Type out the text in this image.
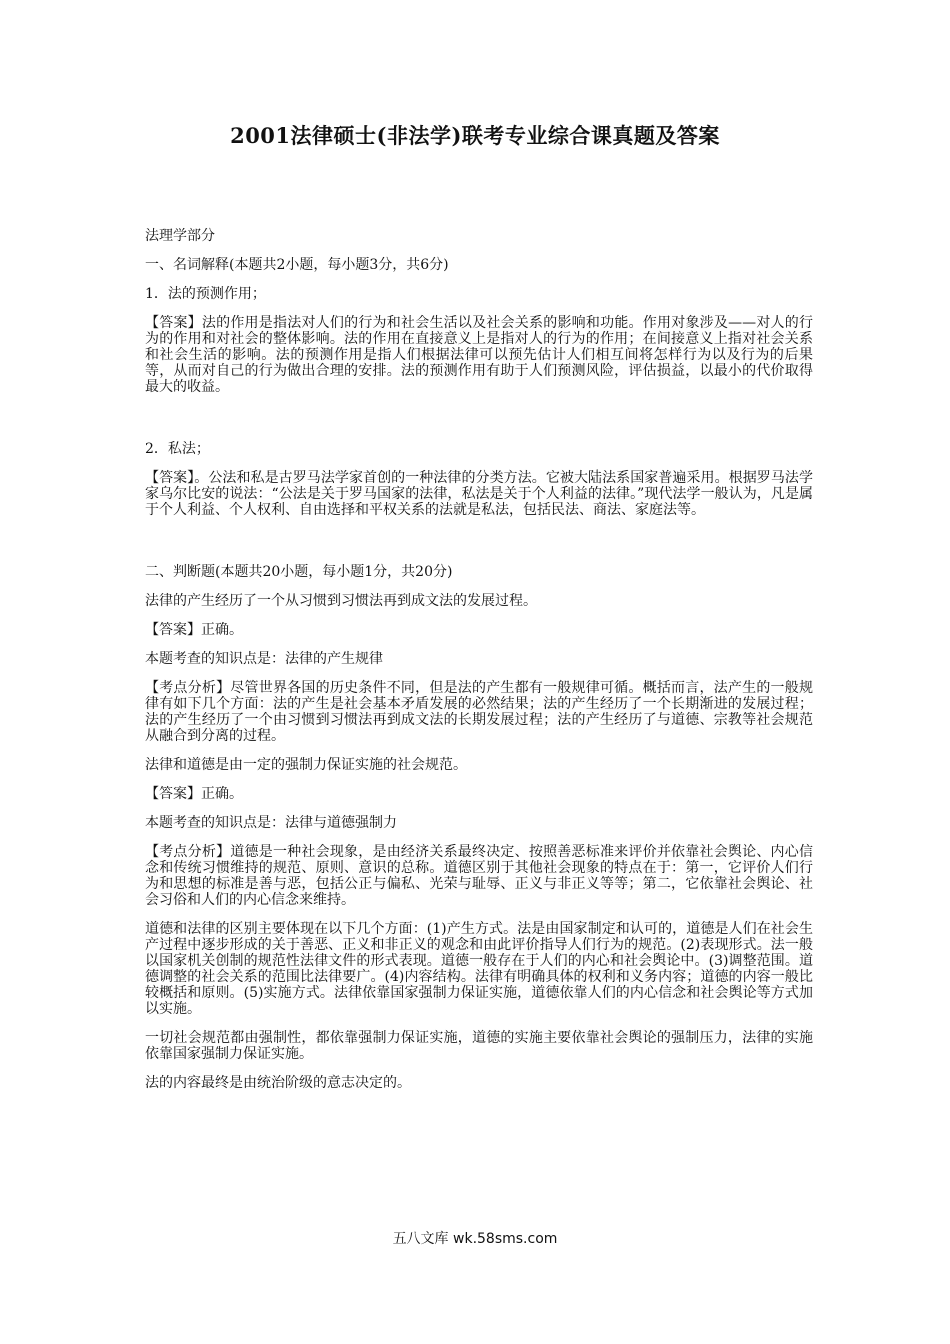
2001法律硕士(非法学)联考专业综合课真题及答案

法理学部分

一、名词解释(本题共2小题，每小题3分，共6分)

1．法的预测作用；

【答案】法的作用是指法对人们的行为和社会生活以及社会关系的影响和功能。作用对象涉及——对人的行为的作用和对社会的整体影响。法的作用在直接意义上是指对人的行为的作用；在间接意义上指对社会关系和社会生活的影响。法的预测作用是指人们根据法律可以预先估计人们相互间将怎样行为以及行为的后果等，从而对自己的行为做出合理的安排。法的预测作用有助于人们预测风险，评估损益，以最小的代价取得最大的收益。

2．私法；

【答案】。公法和私是古罗马法学家首创的一种法律的分类方法。它被大陆法系国家普遍采用。根据罗马法学家乌尔比安的说法：“公法是关于罗马国家的法律，私法是关于个人利益的法律。”现代法学一般认为，凡是属于个人利益、个人权利、自由选择和平权关系的法就是私法，包括民法、商法、家庭法等。

二、判断题(本题共20小题，每小题1分，共20分)

法律的产生经历了一个从习惯到习惯法再到成文法的发展过程。

【答案】正确。

本题考查的知识点是：法律的产生规律

【考点分析】尽管世界各国的历史条件不同，但是法的产生都有一般规律可循。概括而言，法产生的一般规律有如下几个方面：法的产生是社会基本矛盾发展的必然结果；法的产生经历了一个长期渐进的发展过程；法的产生经历了一个由习惯到习惯法再到成文法的长期发展过程；法的产生经历了与道德、宗教等社会规范从融合到分离的过程。

法律和道德是由一定的强制力保证实施的社会规范。

【答案】正确。

本题考查的知识点是：法律与道德强制力

【考点分析】道德是一种社会现象，是由经济关系最终决定、按照善恶标准来评价并依靠社会舆论、内心信念和传统习惯维持的规范、原则、意识的总称。道德区别于其他社会现象的特点在于：第一，它评价人们行为和思想的标准是善与恶，包括公正与偏私、光荣与耻辱、正义与非正义等等；第二，它依靠社会舆论、社会习俗和人们的内心信念来维持。

道德和法律的区别主要体现在以下几个方面：(1)产生方式。法是由国家制定和认可的，道德是人们在社会生产过程中逐步形成的关于善恶、正义和非正义的观念和由此评价指导人们行为的规范。(2)表现形式。法一般以国家机关创制的规范性法律文件的形式表现。道德一般存在于人们的内心和社会舆论中。(3)调整范围。道德调整的社会关系的范围比法律要广。(4)内容结构。法律有明确具体的权利和义务内容；道德的内容一般比较概括和原则。(5)实施方式。法律依靠国家强制力保证实施，道德依靠人们的内心信念和社会舆论等方式加以实施。

一切社会规范都由强制性，都依靠强制力保证实施，道德的实施主要依靠社会舆论的强制压力，法律的实施依靠国家强制力保证实施。

法的内容最终是由统治阶级的意志决定的。

五八文库 wk.58sms.com
